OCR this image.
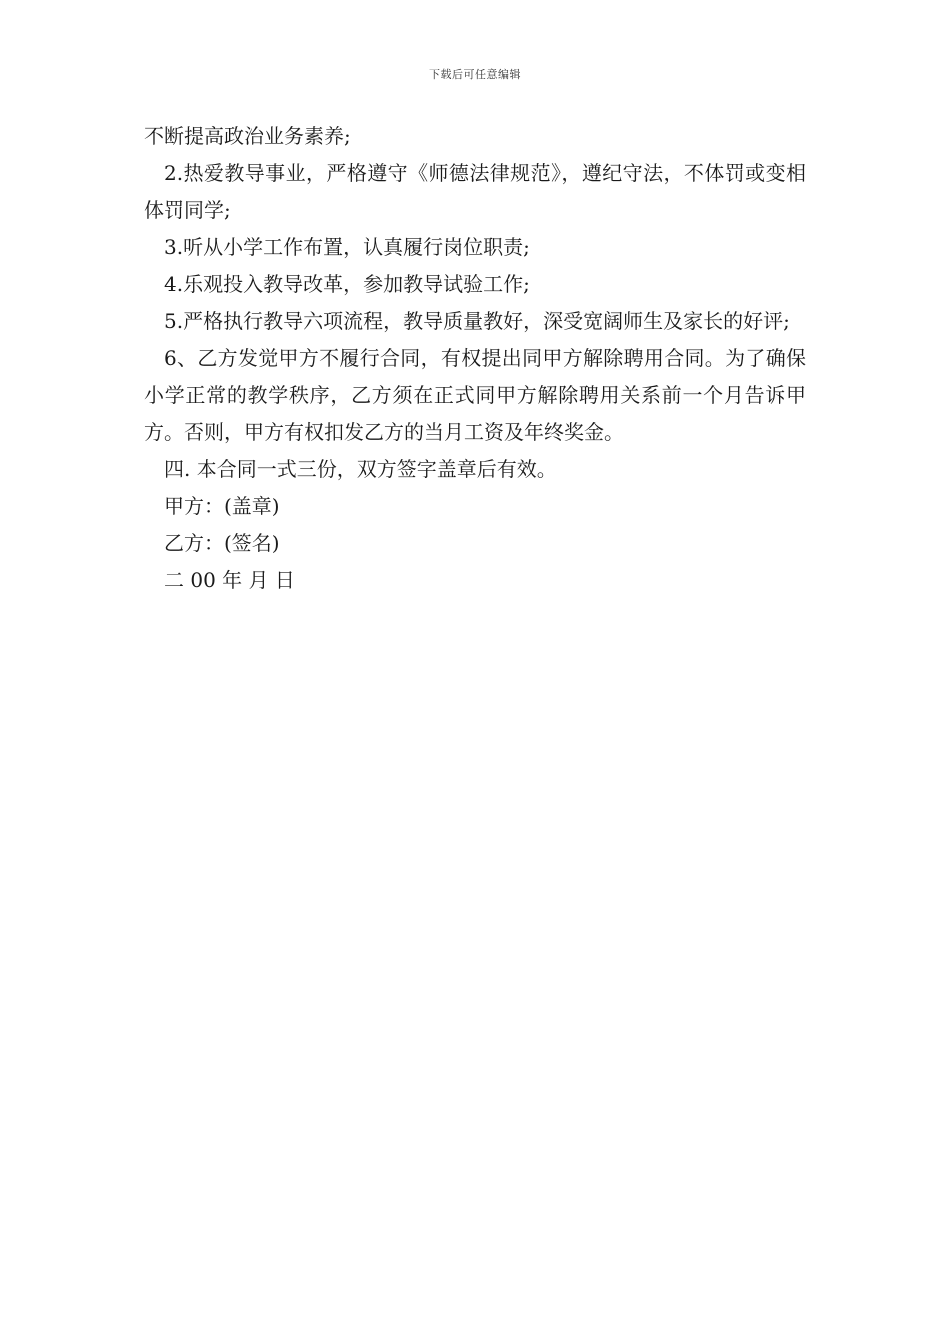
下载后可任意编辑

不断提高政治业务素养;

2.热爱教导事业，严格遵守《师德法律规范》，遵纪守法，不体罚或变相体罚同学;

3.听从小学工作布置，认真履行岗位职责;

4.乐观投入教导改革，参加教导试验工作;

5.严格执行教导六项流程，教导质量教好，深受宽阔师生及家长的好评;

6、乙方发觉甲方不履行合同，有权提出同甲方解除聘用合同。为了确保小学正常的教学秩序，乙方须在正式同甲方解除聘用关系前一个月告诉甲方。否则，甲方有权扣发乙方的当月工资及年终奖金。

四. 本合同一式三份，双方签字盖章后有效。

甲方：(盖章)

乙方：(签名)

二 00 年 月 日
